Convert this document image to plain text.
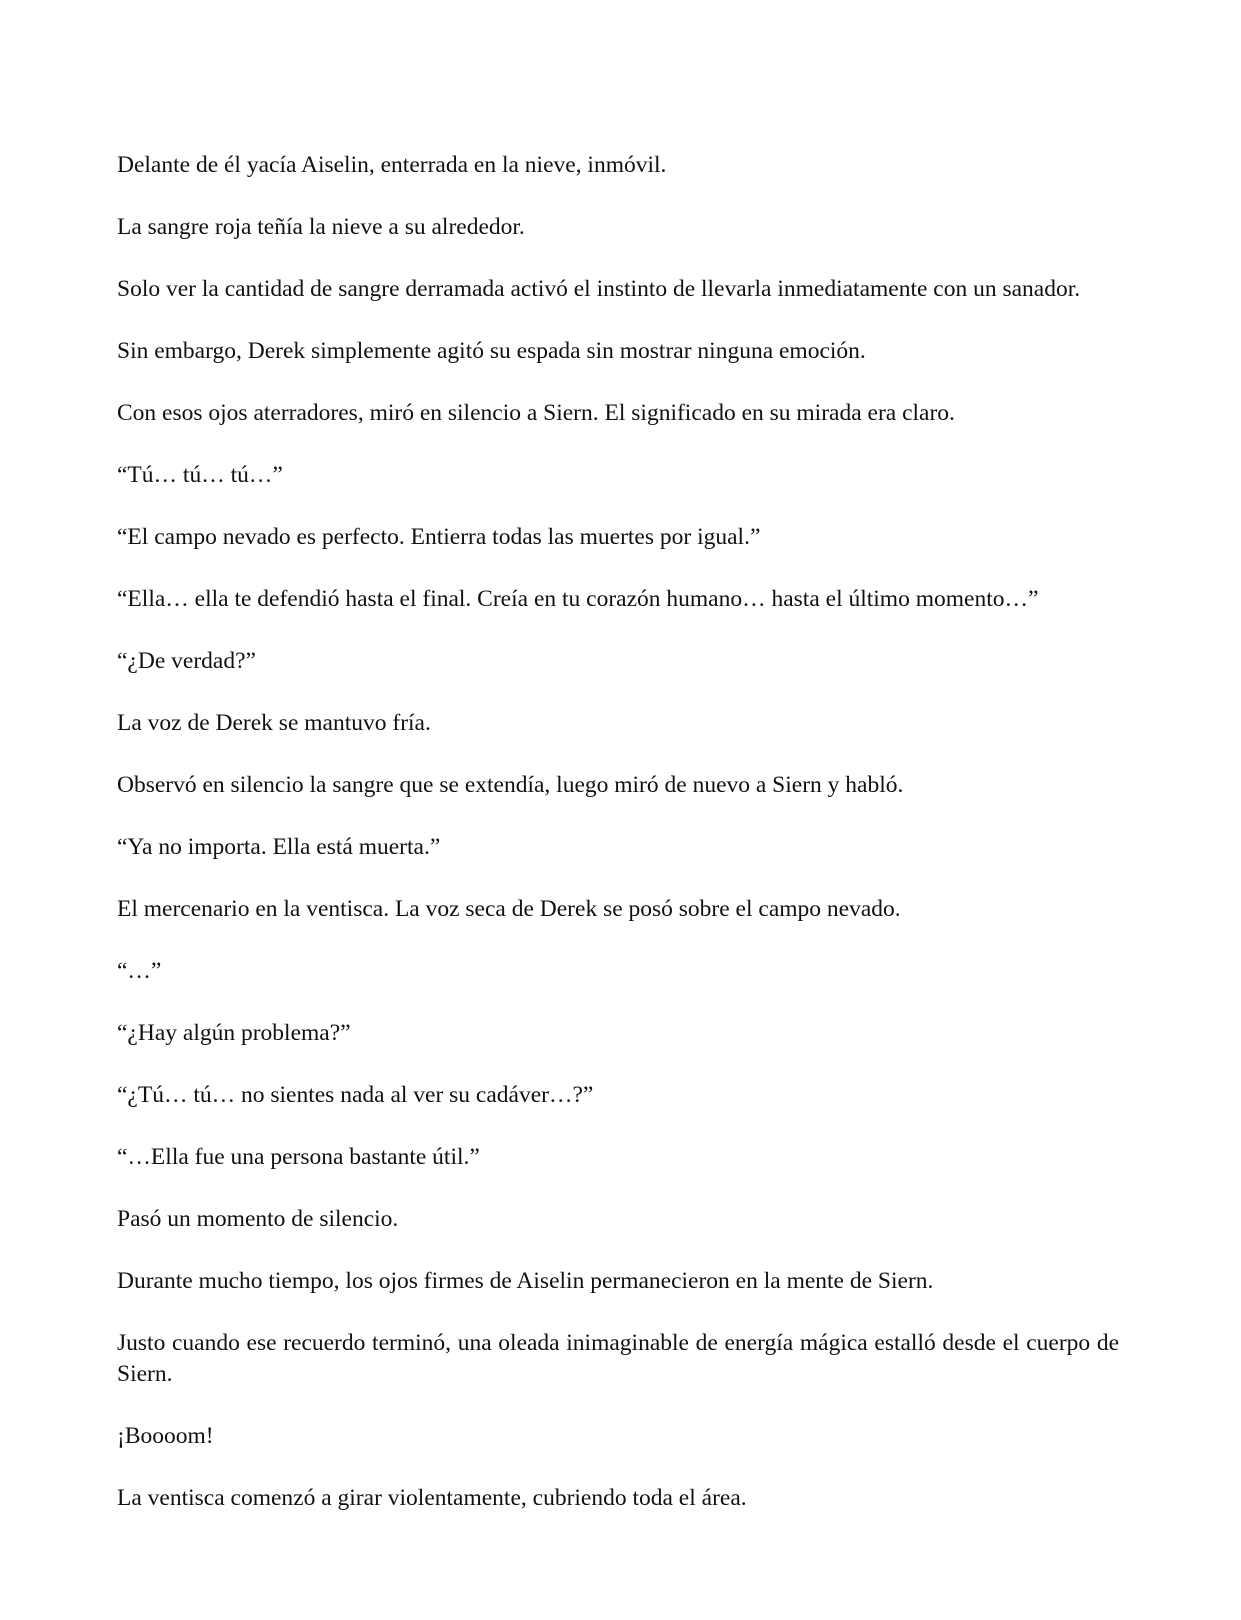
Delante de él yacía Aiselin, enterrada en la nieve, inmóvil.

La sangre roja teñía la nieve a su alrededor.

Solo ver la cantidad de sangre derramada activó el instinto de llevarla inmediatamente con un sanador.

Sin embargo, Derek simplemente agitó su espada sin mostrar ninguna emoción.

Con esos ojos aterradores, miró en silencio a Siern. El significado en su mirada era claro.

“Tú… tú… tú…”

“El campo nevado es perfecto. Entierra todas las muertes por igual.”

“Ella… ella te defendió hasta el final. Creía en tu corazón humano… hasta el último momento…”

“¿De verdad?”

La voz de Derek se mantuvo fría.

Observó en silencio la sangre que se extendía, luego miró de nuevo a Siern y habló.

“Ya no importa. Ella está muerta.”

El mercenario en la ventisca. La voz seca de Derek se posó sobre el campo nevado.

“…”

“¿Hay algún problema?”

“¿Tú… tú… no sientes nada al ver su cadáver…?”

“…Ella fue una persona bastante útil.”

Pasó un momento de silencio.

Durante mucho tiempo, los ojos firmes de Aiselin permanecieron en la mente de Siern.

Justo cuando ese recuerdo terminó, una oleada inimaginable de energía mágica estalló desde el cuerpo de Siern.

¡Boooom!

La ventisca comenzó a girar violentamente, cubriendo toda el área.
